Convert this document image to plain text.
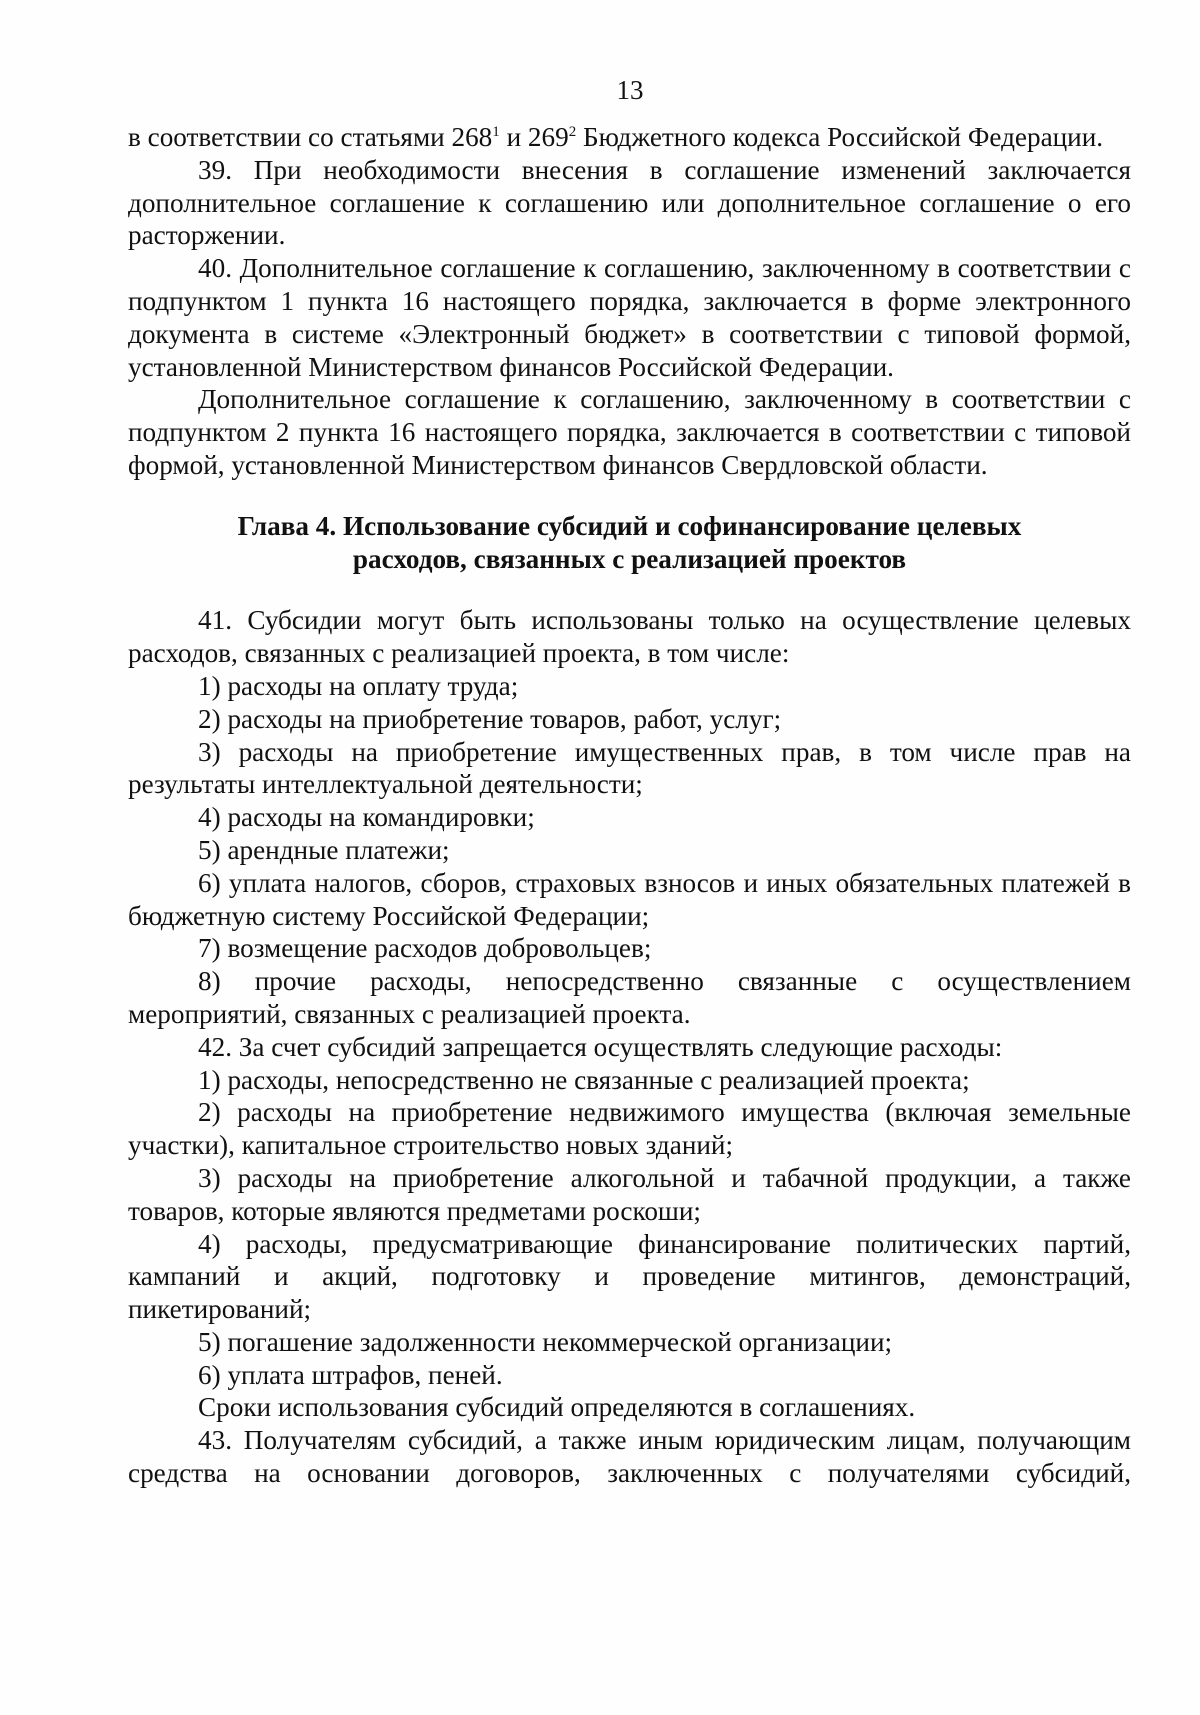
13

в соответствии со статьями $268^1$ и $269^2$ Бюджетного кодекса Российской Федерации.

39. При необходимости внесения в соглашение изменений заключается дополнительное соглашение к соглашению или дополнительное соглашение о его расторжении.

40. Дополнительное соглашение к соглашению, заключенному в соответствии с подпунктом 1 пункта 16 настоящего порядка, заключается в форме электронного документа в системе «Электронный бюджет» в соответствии с типовой формой, установленной Министерством финансов Российской Федерации.

Дополнительное соглашение к соглашению, заключенному в соответствии с подпунктом 2 пункта 16 настоящего порядка, заключается в соответствии с типовой формой, установленной Министерством финансов Свердловской области.

Глава 4. Использование субсидий и софинансирование целевых
расходов, связанных с реализацией проектов

41. Субсидии могут быть использованы только на осуществление целевых расходов, связанных с реализацией проекта, в том числе:

1) расходы на оплату труда;

2) расходы на приобретение товаров, работ, услуг;

3) расходы на приобретение имущественных прав, в том числе прав на результаты интеллектуальной деятельности;

4) расходы на командировки;

5) арендные платежи;

6) уплата налогов, сборов, страховых взносов и иных обязательных платежей в бюджетную систему Российской Федерации;

7) возмещение расходов добровольцев;

8) прочие расходы, непосредственно связанные с осуществлением мероприятий, связанных с реализацией проекта.

42. За счет субсидий запрещается осуществлять следующие расходы:

1) расходы, непосредственно не связанные с реализацией проекта;

2) расходы на приобретение недвижимого имущества (включая земельные участки), капитальное строительство новых зданий;

3) расходы на приобретение алкогольной и табачной продукции, а также товаров, которые являются предметами роскоши;

4) расходы, предусматривающие финансирование политических партий, кампаний и акций, подготовку и проведение митингов, демонстраций, пикетирований;

5) погашение задолженности некоммерческой организации;

6) уплата штрафов, пеней.

Сроки использования субсидий определяются в соглашениях.

43. Получателям субсидий, а также иным юридическим лицам, получающим средства на основании договоров, заключенных с получателями субсидий,
